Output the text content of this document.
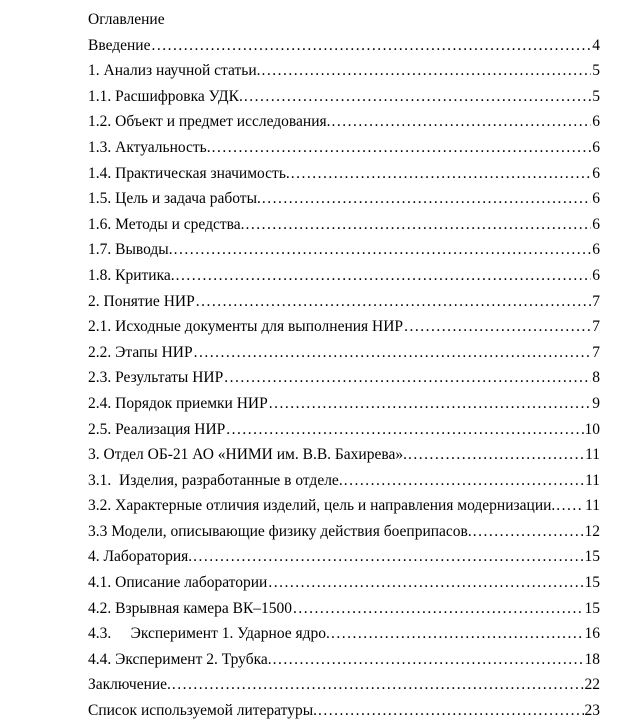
Оглавление
Введение .....	4
1. Анализ научной статьи. .....	5
1.1. Расшифровка УДК. .....	5
1.2. Объект и предмет исследования. .....	6
1.3. Актуальность. .....	6
1.4. Практическая значимость. .....	6
1.5. Цель и задача работы. .....	6
1.6. Методы и средства. .....	6
1.7. Выводы. .....	6
1.8. Критика. .....	6
2. Понятие НИР .....	7
2.1. Исходные документы для выполнения НИР .....	7
2.2. Этапы НИР .....	7
2.3. Результаты НИР .....	8
2.4. Порядок приемки НИР .....	9
2.5. Реализация НИР .....	10
3. Отдел ОБ-21 АО «НИМИ им. В.В. Бахирева». .....	11
3.1.  Изделия, разработанные в отделе. .....	11
3.2. Характерные отличия изделий, цель и направления модернизации. ..... 11
3.3 Модели, описывающие физику действия боеприпасов. .....	12
4. Лаборатория. .....	15
4.1. Описание лаборатории .....	15
4.2. Взрывная камера ВК–1500 .....	15
4.3.     Эксперимент 1. Ударное ядро. .....	16
4.4. Эксперимент 2. Трубка. .....	18
Заключение. .....	22
Список используемой литературы. .....	23
